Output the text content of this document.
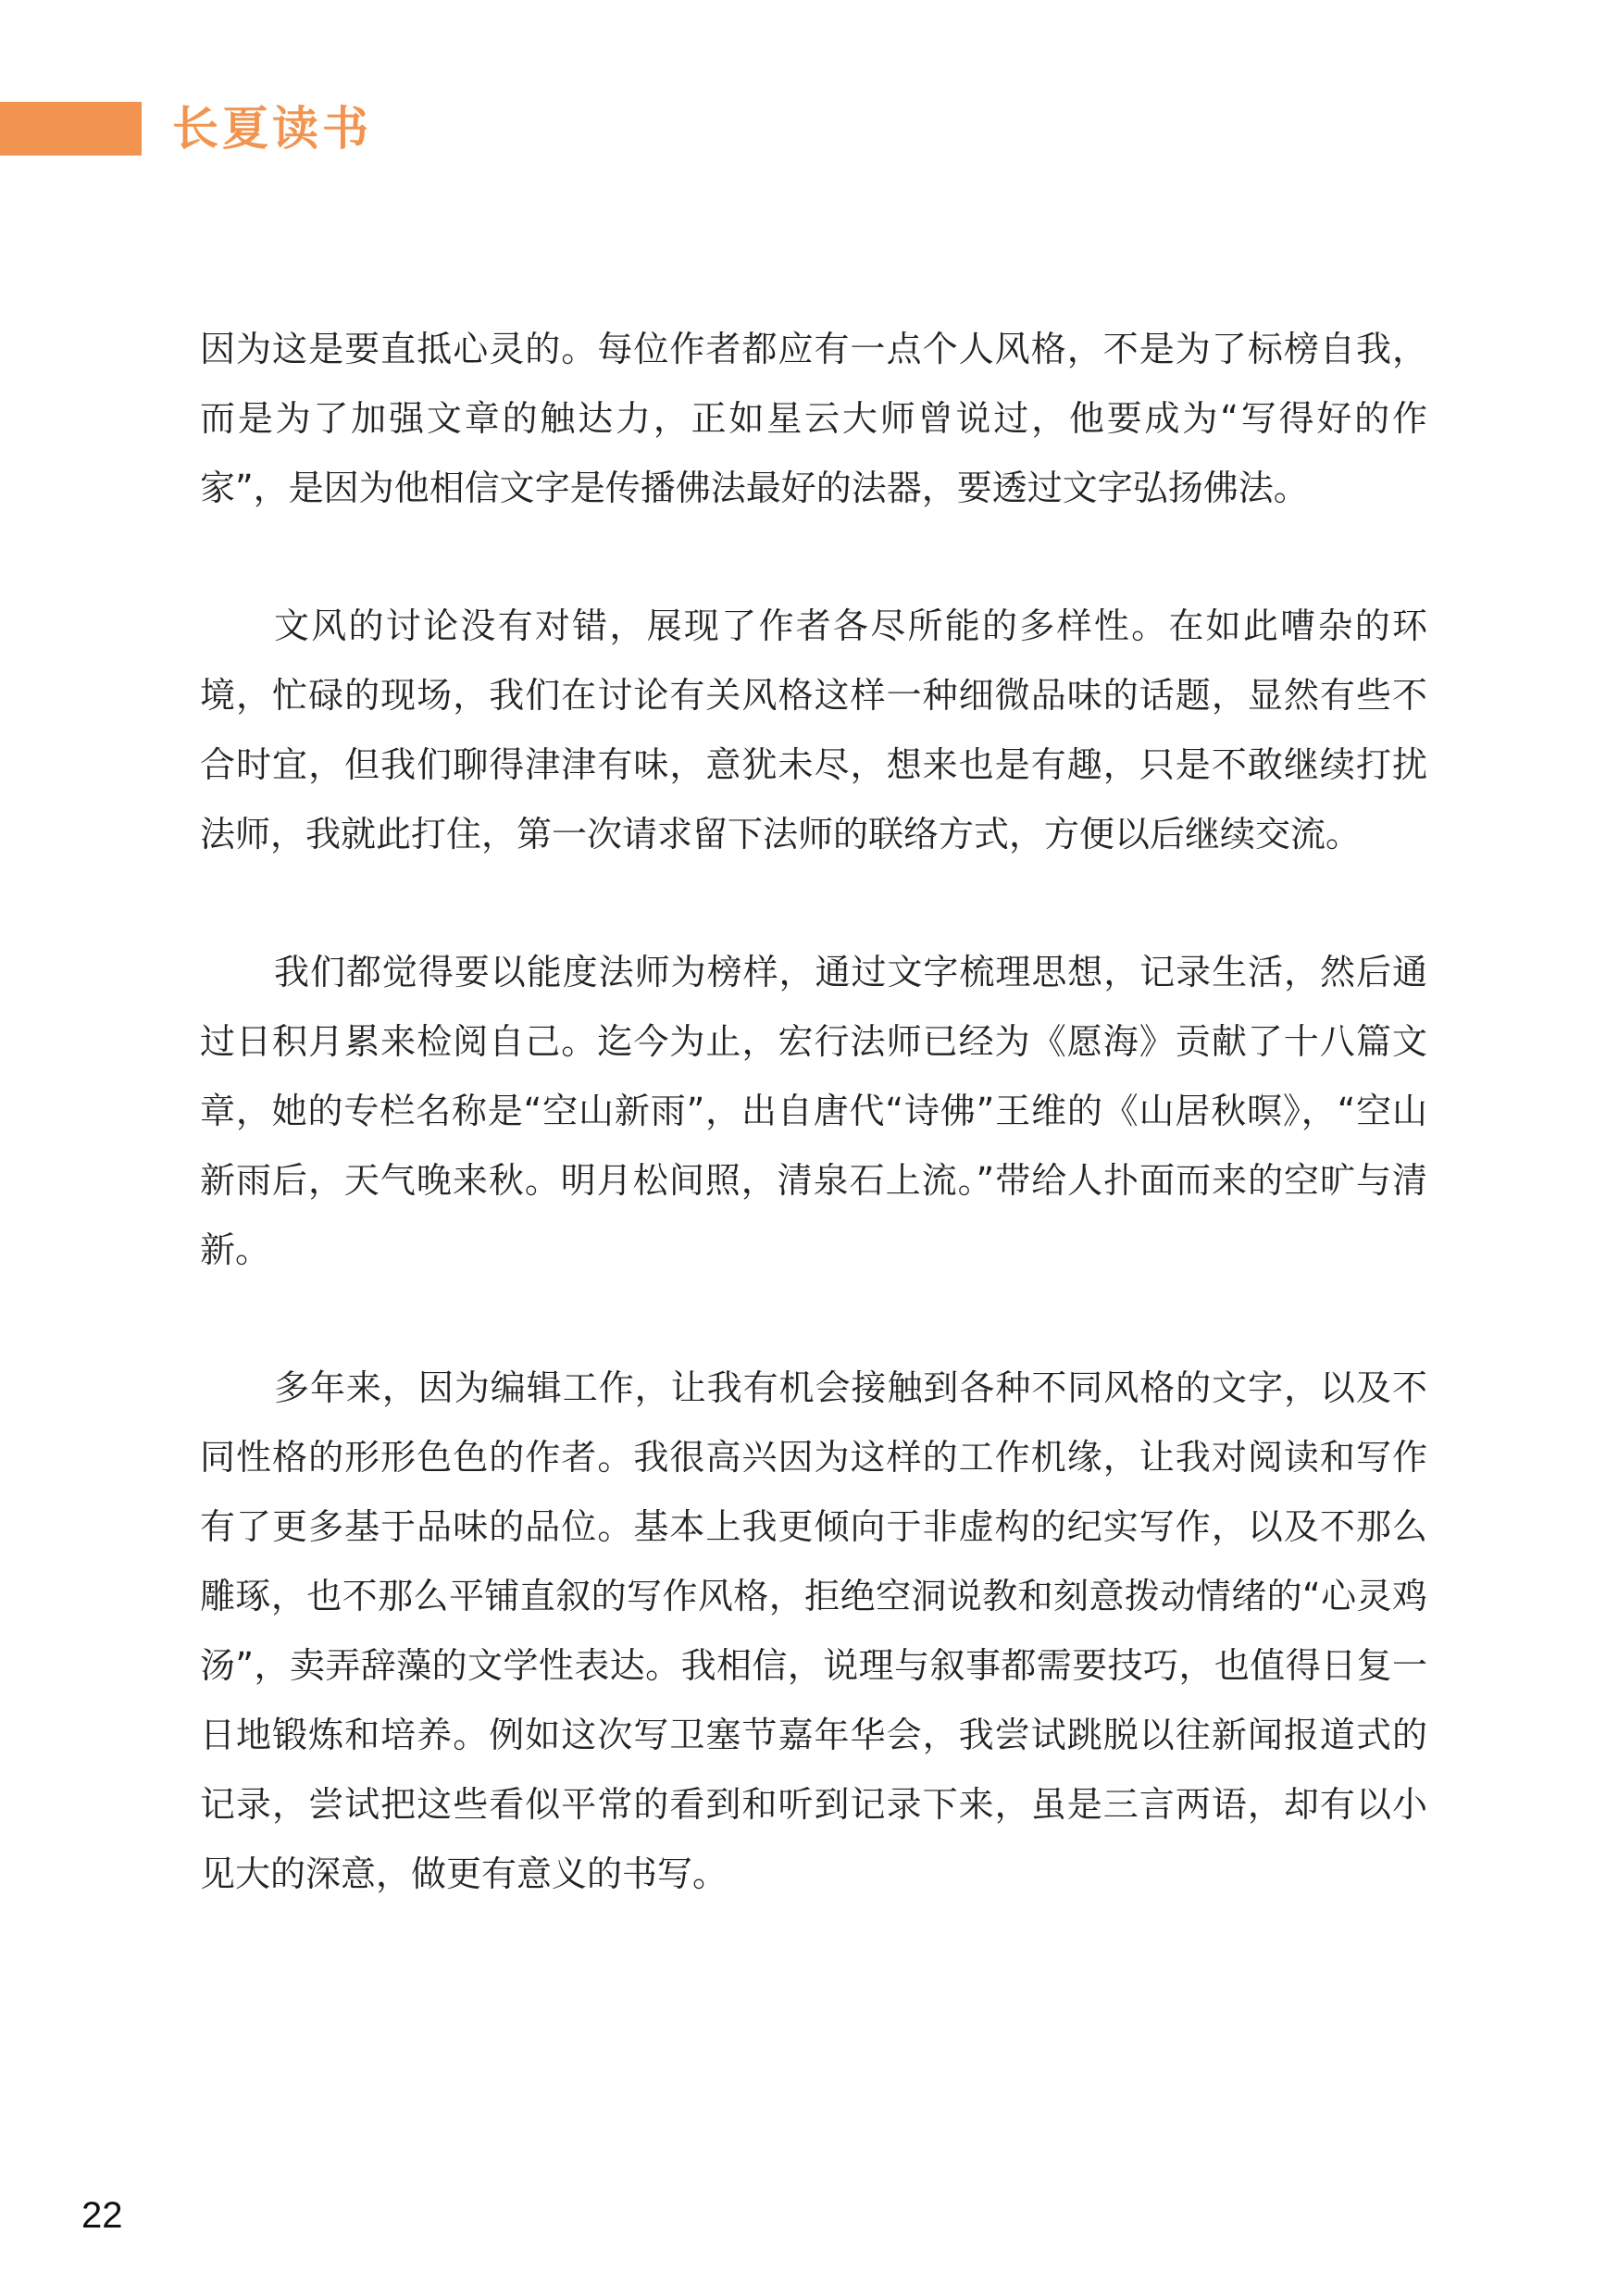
长夏读书

因为这是要直抵心灵的。每位作者都应有一点个人风格，不是为了标榜自我，而是为了加强文章的触达力，正如星云大师曾说过，他要成为“写得好的作家”，是因为他相信文字是传播佛法最好的法器，要透过文字弘扬佛法。

文风的讨论没有对错，展现了作者各尽所能的多样性。在如此嘈杂的环境，忙碌的现场，我们在讨论有关风格这样一种细微品味的话题，显然有些不合时宜，但我们聊得津津有味，意犹未尽，想来也是有趣，只是不敢继续打扰法师，我就此打住，第一次请求留下法师的联络方式，方便以后继续交流。

我们都觉得要以能度法师为榜样，通过文字梳理思想，记录生活，然后通过日积月累来检阅自己。迄今为止，宏行法师已经为《愿海》贡献了十八篇文章，她的专栏名称是“空山新雨”，出自唐代“诗佛”王维的《山居秋暝》，“空山新雨后，天气晚来秋。明月松间照，清泉石上流。”带给人扑面而来的空旷与清新。

多年来，因为编辑工作，让我有机会接触到各种不同风格的文字，以及不同性格的形形色色的作者。我很高兴因为这样的工作机缘，让我对阅读和写作有了更多基于品味的品位。基本上我更倾向于非虚构的纪实写作，以及不那么雕琢，也不那么平铺直叙的写作风格，拒绝空洞说教和刻意拨动情绪的“心灵鸡汤”，卖弄辞藻的文学性表达。我相信，说理与叙事都需要技巧，也值得日复一日地锻炼和培养。例如这次写卫塞节嘉年华会，我尝试跳脱以往新闻报道式的记录，尝试把这些看似平常的看到和听到记录下来，虽是三言两语，却有以小见大的深意，做更有意义的书写。

22
